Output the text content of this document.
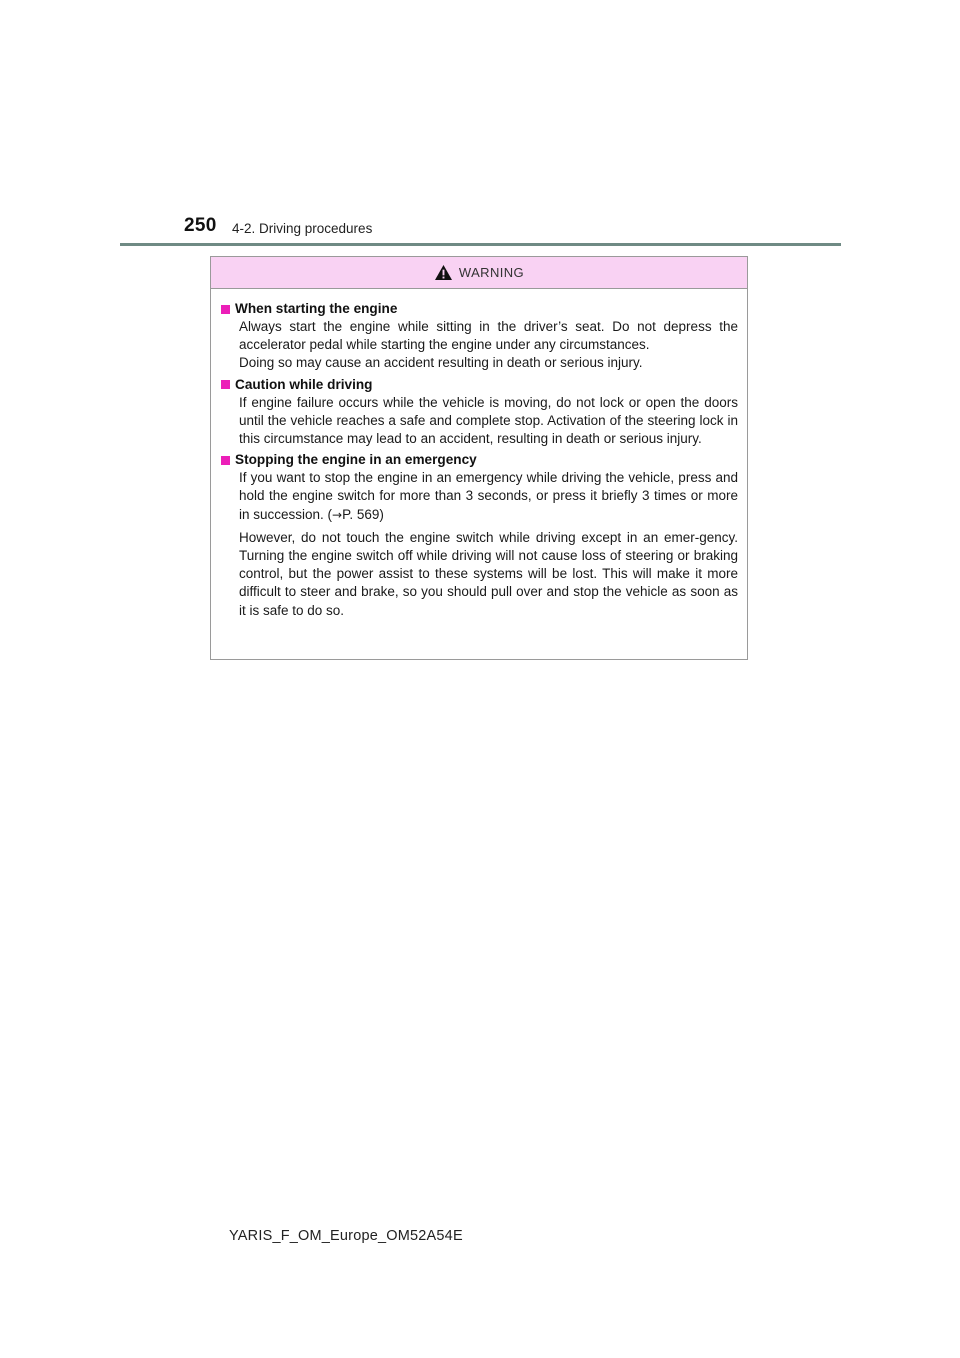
250 4-2. Driving procedures
WARNING
When starting the engine

Always start the engine while sitting in the driver’s seat. Do not depress the accelerator pedal while starting the engine under any circumstances.

Doing so may cause an accident resulting in death or serious injury.

Caution while driving

If engine failure occurs while the vehicle is moving, do not lock or open the doors until the vehicle reaches a safe and complete stop. Activation of the steering lock in this circumstance may lead to an accident, resulting in death or serious injury.

Stopping the engine in an emergency

If you want to stop the engine in an emergency while driving the vehicle, press and hold the engine switch for more than 3 seconds, or press it briefly 3 times or more in succession. (→P. 569)

However, do not touch the engine switch while driving except in an emer-gency. Turning the engine switch off while driving will not cause loss of steering or braking control, but the power assist to these systems will be lost. This will make it more difficult to steer and brake, so you should pull over and stop the vehicle as soon as it is safe to do so.

YARIS_F_OM_Europe_OM52A54E
